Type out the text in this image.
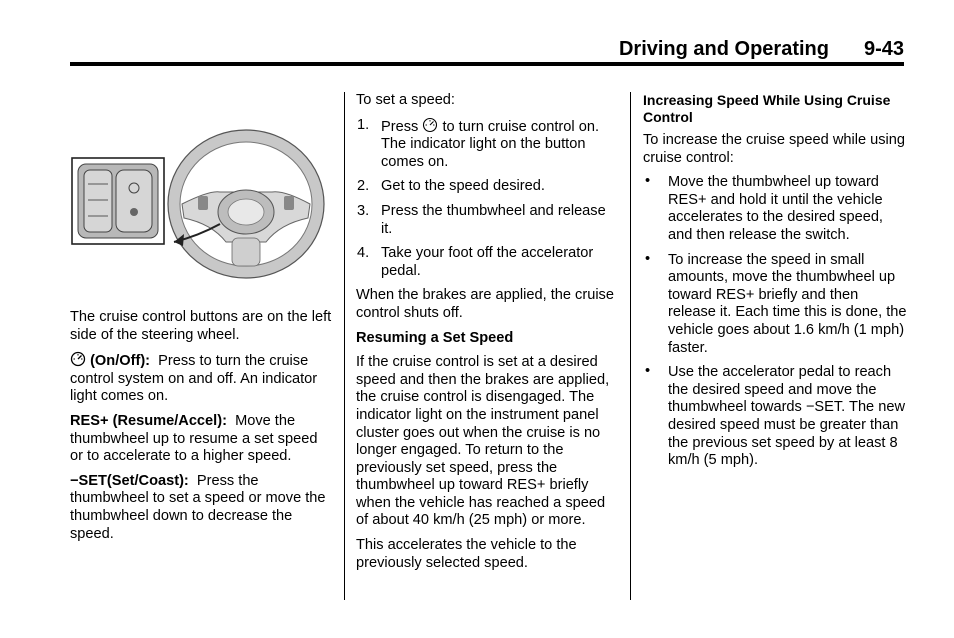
Driving and Operating 9-43

The cruise control buttons are on the left side of the steering wheel.

(On/Off): Press to turn the cruise control system on and off. An indicator light comes on.

RES+ (Resume/Accel): Move the thumbwheel up to resume a set speed or to accelerate to a higher speed.

−SET(Set/Coast): Press the thumbwheel to set a speed or move the thumbwheel down to decrease the speed.

To set a speed:

1. Press to turn cruise control on. The indicator light on the button comes on.
2. Get to the speed desired.
3. Press the thumbwheel and release it.
4. Take your foot off the accelerator pedal.

When the brakes are applied, the cruise control shuts off.

Resuming a Set Speed

If the cruise control is set at a desired speed and then the brakes are applied, the cruise control is disengaged. The indicator light on the instrument panel cluster goes out when the cruise is no longer engaged. To return to the previously set speed, press the thumbwheel up toward RES+ briefly when the vehicle has reached a speed of about 40 km/h (25 mph) or more.

This accelerates the vehicle to the previously selected speed.

Increasing Speed While Using Cruise Control

To increase the cruise speed while using cruise control:

• Move the thumbwheel up toward RES+ and hold it until the vehicle accelerates to the desired speed, and then release the switch.
• To increase the speed in small amounts, move the thumbwheel up toward RES+ briefly and then release it. Each time this is done, the vehicle goes about 1.6 km/h (1 mph) faster.
• Use the accelerator pedal to reach the desired speed and move the thumbwheel towards −SET. The new desired speed must be greater than the previous set speed by at least 8 km/h (5 mph).
